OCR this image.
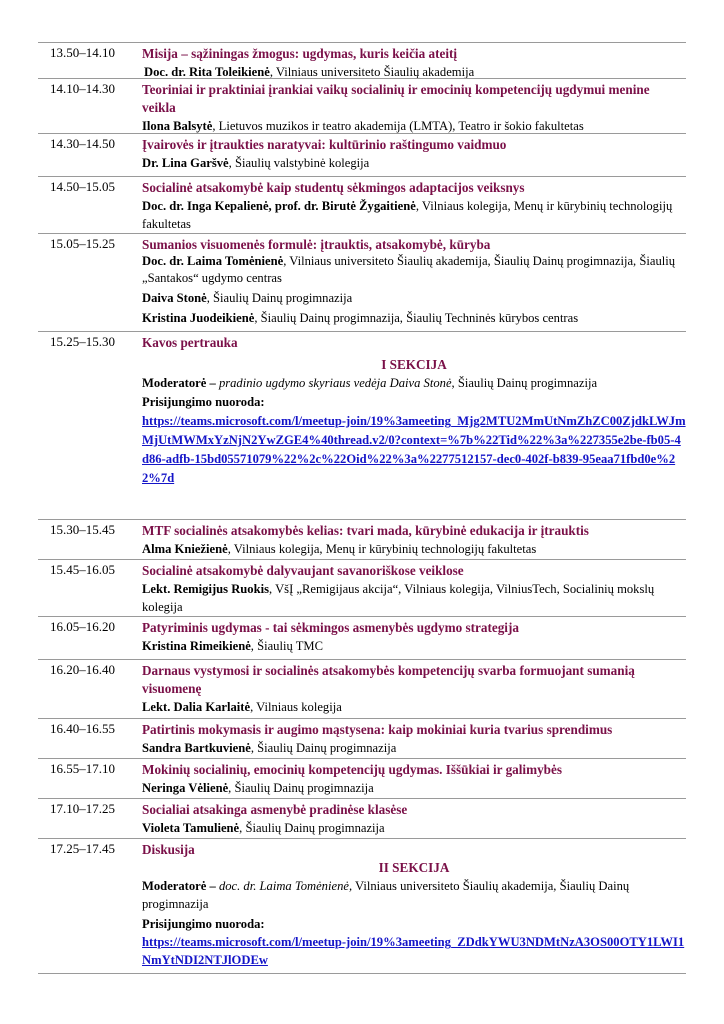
13.50–14.10 Misija – sąžiningas žmogus: ugdymas, kuris keičia ateitį
Doc. dr. Rita Toleikienė, Vilniaus universiteto Šiaulių akademija
14.10–14.30 Teoriniai ir praktiniai įrankiai vaikų socialinių ir emocinių kompetencijų ugdymui menine veikla
Ilona Balsytė, Lietuvos muzikos ir teatro akademija (LMTA), Teatro ir šokio fakultetas
14.30–14.50 Įvairovės ir įtraukties naratyvai: kultūrinio raštingumo vaidmuo
Dr. Lina Garšvė, Šiaulių valstybinė kolegija
14.50–15.05 Socialinė atsakomybė kaip studentų sėkmingos adaptacijos veiksnys
Doc. dr. Inga Kepalienė, prof. dr. Birutė Žygaitienė, Vilniaus kolegija, Menų ir kūrybinių technologijų fakultetas
15.05–15.25 Sumanios visuomenės formulė: įtrauktis, atsakomybė, kūryba
Doc. dr. Laima Tomėnienė, Vilniaus universiteto Šiaulių akademija, Šiaulių Dainų progimnazija, Šiaulių „Santakos“ ugdymo centras
Daiva Stonė, Šiaulių Dainų progimnazija
Kristina Juodeikienė, Šiaulių Dainų progimnazija, Šiaulių Techninės kūrybos centras
15.25–15.30 Kavos pertrauka
I SEKCIJA
Moderatorė – pradinio ugdymo skyriaus vedėja Daiva Stonė, Šiaulių Dainų progimnazija
Prisijungimo nuoroda:
https://teams.microsoft.com/l/meetup-join/19%3ameeting_Mjg2MTU2MmUtNmZhZC00ZjdkLWJmMjUtMWMxYzNjN2YwZGE4%40thread.v2/0?context=%7b%22Tid%22%3a%227355e2be-fb05-4d86-adfb-15bd05571079%22%2c%22Oid%22%3a%2277512157-dec0-402f-b839-95eaa71fbd0e%22%7d
15.30–15.45 MTF socialinės atsakomybės kelias: tvari mada, kūrybinė edukacija ir įtrauktis
Alma Kniežienė, Vilniaus kolegija, Menų ir kūrybinių technologijų fakultetas
15.45–16.05 Socialinė atsakomybė dalyvaujant savanoriškose veiklose
Lekt. Remigijus Ruokis, VšĮ „Remigijaus akcija“, Vilniaus kolegija, VilniusTech, Socialinių mokslų kolegija
16.05–16.20 Patyriminis ugdymas - tai sėkmingos asmenybės ugdymo strategija
Kristina Rimeikienė, Šiaulių TMC
16.20–16.40 Darnaus vystymosi ir socialinės atsakomybės kompetencijų svarba formuojant sumanią visuomenę
Lekt. Dalia Karlaitė, Vilniaus kolegija
16.40–16.55 Patirtinis mokymasis ir augimo mąstysena: kaip mokiniai kuria tvarius sprendimus
Sandra Bartkuvienė, Šiaulių Dainų progimnazija
16.55–17.10 Mokinių socialinių, emocinių kompetencijų ugdymas. Iššūkiai ir galimybės
Neringa Vėlienė, Šiaulių Dainų progimnazija
17.10–17.25 Socialiai atsakinga asmenybė pradinėse klasėse
Violeta Tamulienė, Šiaulių Dainų progimnazija
17.25–17.45 Diskusija
II SEKCIJA
Moderatorė – doc. dr. Laima Tomėnienė, Vilniaus universiteto Šiaulių akademija, Šiaulių Dainų progimnazija
Prisijungimo nuoroda:
https://teams.microsoft.com/l/meetup-join/19%3ameeting_ZDdkYWU3NDMtNzA3OS00OTY1LWI1NmYtNDI2NTJlODEw
